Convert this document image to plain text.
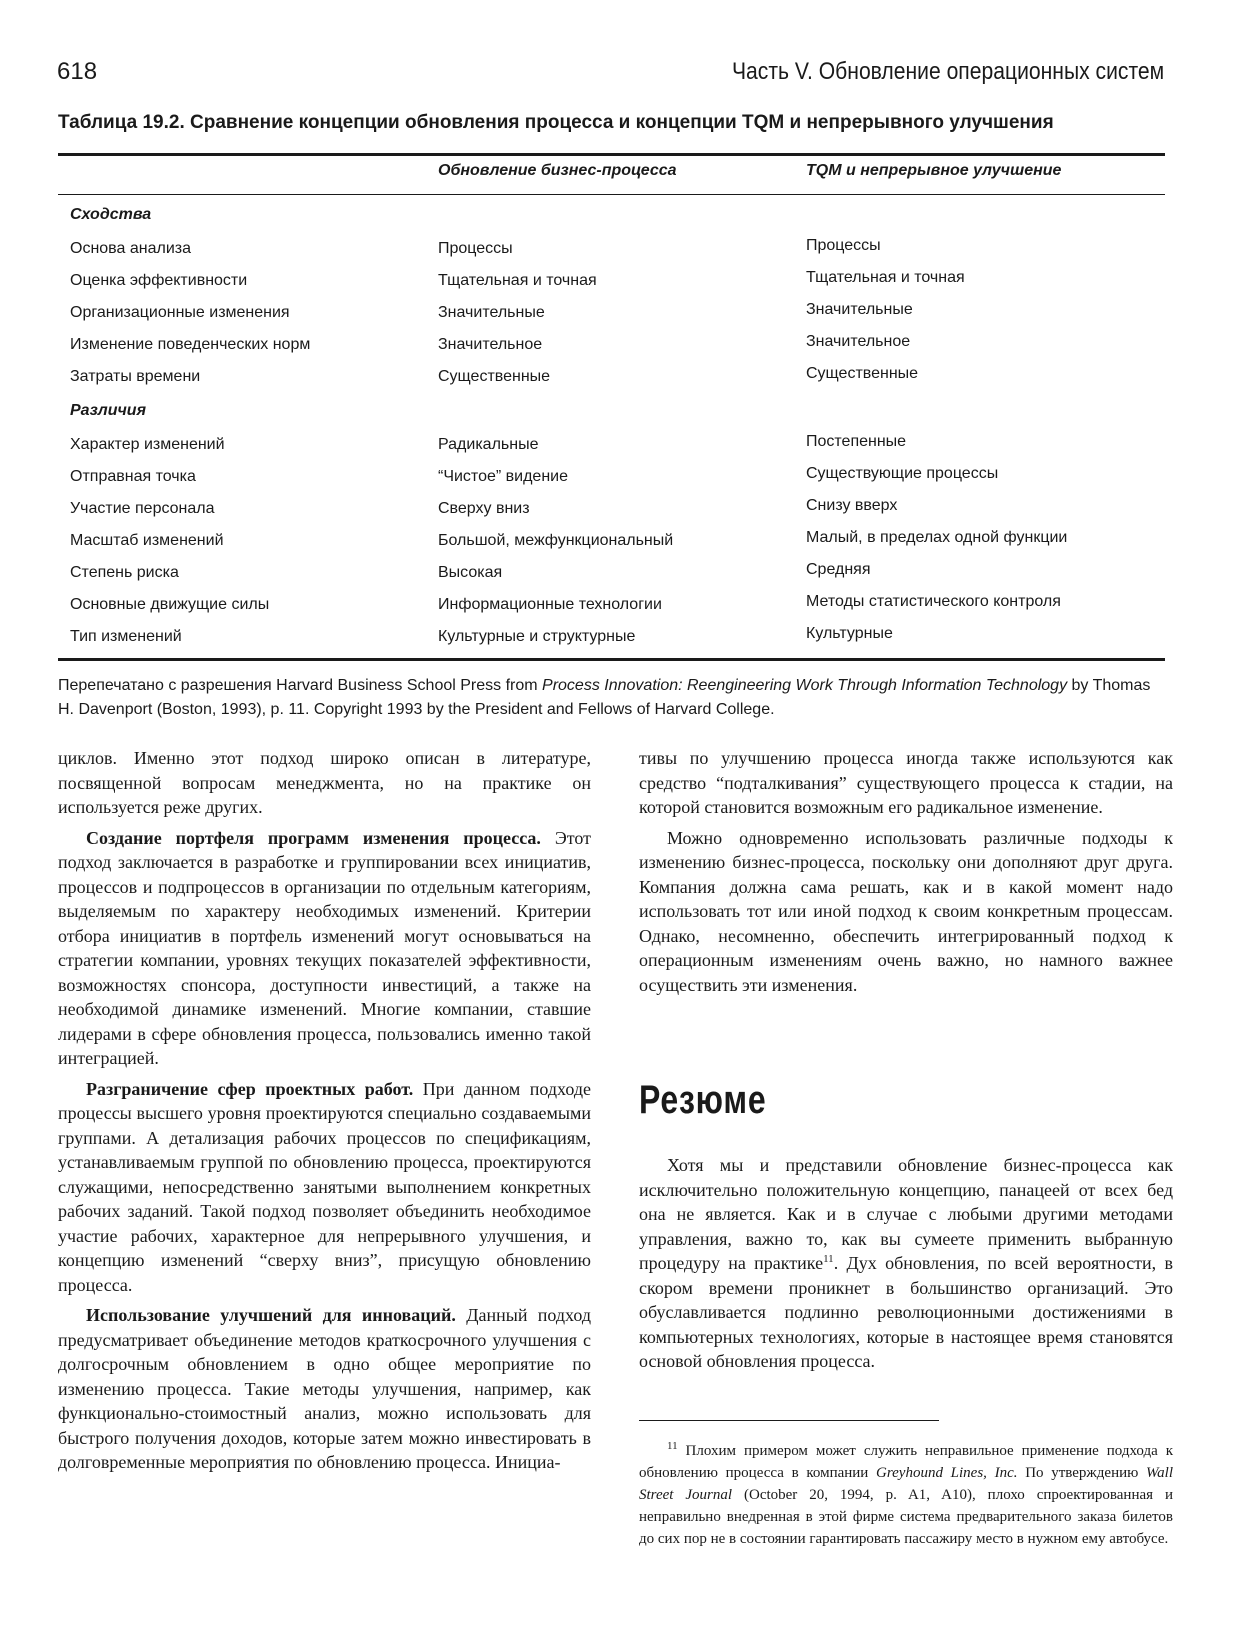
618	Часть V. Обновление операционных систем
Таблица 19.2. Сравнение концепции обновления процесса и концепции TQM и непрерывного улучшения
Обновление бизнес-процесса	TQM и непрерывное улучшение
Сходства
Основа анализа	Процессы	Процессы
Оценка эффективности	Тщательная и точная	Тщательная и точная
Организационные изменения	Значительные	Значительные
Изменение поведенческих норм	Значительное	Значительное
Затраты времени	Существенные	Существенные
Различия
Характер изменений	Радикальные	Постепенные
Отправная точка	“Чистое” видение	Существующие процессы
Участие персонала	Сверху вниз	Снизу вверх
Масштаб изменений	Большой, межфункциональный	Малый, в пределах одной функции
Степень риска	Высокая	Средняя
Основные движущие силы	Информационные технологии	Методы статистического контроля
Тип изменений	Культурные и структурные	Культурные
Перепечатано с разрешения Harvard Business School Press from Process Innovation: Reengineering Work Through Information Technology by Thomas H. Davenport (Boston, 1993), p. 11. Copyright 1993 by the President and Fellows of Harvard College.

циклов. Именно этот подход широко описан в литературе, посвященной вопросам менеджмента, но на практике он используется реже других.

Создание портфеля программ изменения процесса. Этот подход заключается в разработке и группировании всех инициатив, процессов и подпроцессов в организации по отдельным категориям, выделяемым по характеру необходимых изменений. Критерии отбора инициатив в портфель изменений могут основываться на стратегии компании, уровнях текущих показателей эффективности, возможностях спонсора, доступности инвестиций, а также на необходимой динамике изменений. Многие компании, ставшие лидерами в сфере обновления процесса, пользовались именно такой интеграцией.

Разграничение сфер проектных работ. При данном подходе процессы высшего уровня проектируются специально создаваемыми группами. А детализация рабочих процессов по спецификациям, устанавливаемым группой по обновлению процесса, проектируются служащими, непосредственно занятыми выполнением конкретных рабочих заданий. Такой подход позволяет объединить необходимое участие рабочих, характерное для непрерывного улучшения, и концепцию изменений “сверху вниз”, присущую обновлению процесса.

Использование улучшений для инноваций. Данный подход предусматривает объединение методов краткосрочного улучшения с долгосрочным обновлением в одно общее мероприятие по изменению процесса. Такие методы улучшения, например, как функционально-стоимостный анализ, можно использовать для быстрого получения доходов, которые затем можно инвестировать в долговременные мероприятия по обновлению процесса. Инициа-

тивы по улучшению процесса иногда также используются как средство “подталкивания” существующего процесса к стадии, на которой становится возможным его радикальное изменение.

Можно одновременно использовать различные подходы к изменению бизнес-процесса, поскольку они дополняют друг друга. Компания должна сама решать, как и в какой момент надо использовать тот или иной подход к своим конкретным процессам. Однако, несомненно, обеспечить интегрированный подход к операционным изменениям очень важно, но намного важнее осуществить эти изменения.

Резюме

Хотя мы и представили обновление бизнес-процесса как исключительно положительную концепцию, панацеей от всех бед она не является. Как и в случае с любыми другими методами управления, важно то, как вы сумеете применить выбранную процедуру на практике$^{11}$. Дух обновления, по всей вероятности, в скором времени проникнет в большинство организаций. Это обуславливается подлинно революционными достижениями в компьютерных технологиях, которые в настоящее время становятся основой обновления процесса.

$^{11}$ Плохим примером может служить неправильное применение подхода к обновлению процесса в компании Greyhound Lines, Inc. По утверждению Wall Street Journal (October 20, 1994, p. A1, A10), плохо спроектированная и неправильно внедренная в этой фирме система предварительного заказа билетов до сих пор не в состоянии гарантировать пассажиру место в нужном ему автобусе.
